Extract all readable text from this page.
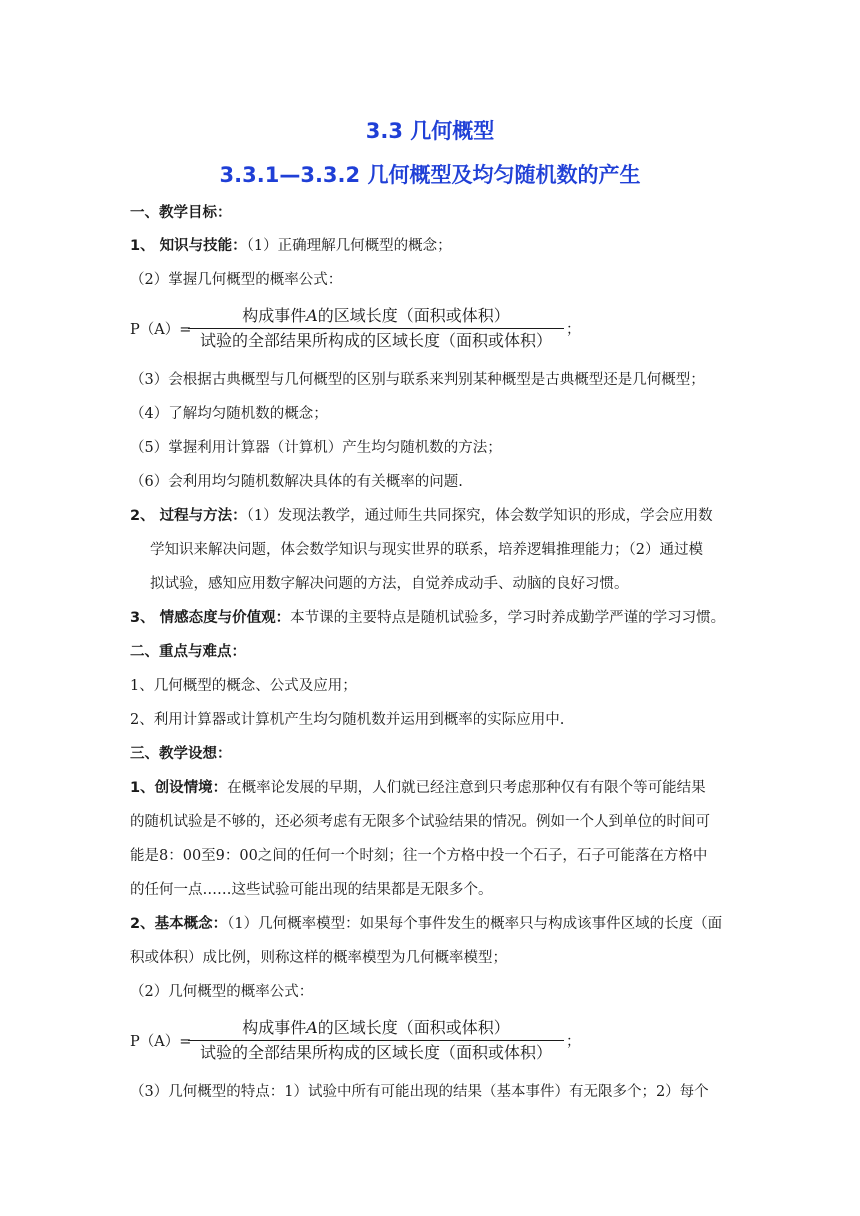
3.3 几何概型
3.3.1—3.3.2 几何概型及均匀随机数的产生
一、教学目标：
1、 知识与技能：（1）正确理解几何概型的概念；
（2）掌握几何概型的概率公式：
P（A）=
构成事件A的区域长度（面积或体积）
试验的全部结果所构成的区域长度（面积或体积）
；
（3）会根据古典概型与几何概型的区别与联系来判别某种概型是古典概型还是几何概型；
（4）了解均匀随机数的概念；
（5）掌握利用计算器（计算机）产生均匀随机数的方法；
（6）会利用均匀随机数解决具体的有关概率的问题.
2、 过程与方法：（1）发现法教学，通过师生共同探究，体会数学知识的形成，学会应用数
学知识来解决问题，体会数学知识与现实世界的联系，培养逻辑推理能力；（2）通过模
拟试验，感知应用数字解决问题的方法，自觉养成动手、动脑的良好习惯。
3、 情感态度与价值观：本节课的主要特点是随机试验多，学习时养成勤学严谨的学习习惯。
二、重点与难点：
1、几何概型的概念、公式及应用；
2、利用计算器或计算机产生均匀随机数并运用到概率的实际应用中.
三、教学设想：
1、创设情境：在概率论发展的早期，人们就已经注意到只考虑那种仅有有限个等可能结果
的随机试验是不够的，还必须考虑有无限多个试验结果的情况。例如一个人到单位的时间可
能是8：00至9：00之间的任何一个时刻；往一个方格中投一个石子，石子可能落在方格中
的任何一点……这些试验可能出现的结果都是无限多个。
2、基本概念：（1）几何概率模型：如果每个事件发生的概率只与构成该事件区域的长度（面
积或体积）成比例，则称这样的概率模型为几何概率模型；
（2）几何概型的概率公式：
P（A）=
构成事件A的区域长度（面积或体积）
试验的全部结果所构成的区域长度（面积或体积）
；
（3）几何概型的特点：1）试验中所有可能出现的结果（基本事件）有无限多个；2）每个
